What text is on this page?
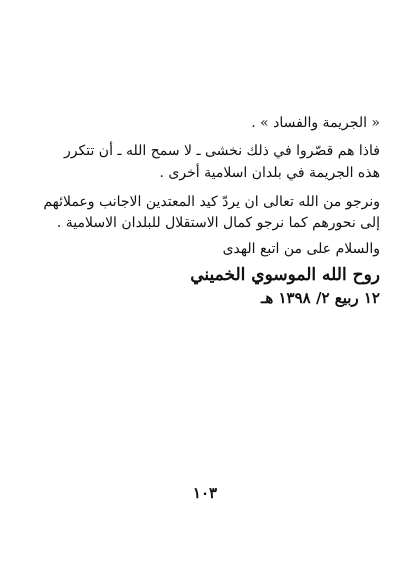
« الجريمة والفساد » .
فاذا هم قصّروا في ذلك نخشى ـ لا سمح الله ـ أن تتكرر
هذه الجريمة في بلدان اسلامية أخرى .
ونرجو من الله تعالى ان يردّ كيد المعتدين الاجانب وعملائهم
إلى نحورهم كما نرجو كمال الاستقلال للبلدان الاسلامية .
والسلام على من اتبع الهدى
روح الله الموسوي الخميني
١٢ ربيع ٢/ ١٣٩٨ هـ
١٠٣
